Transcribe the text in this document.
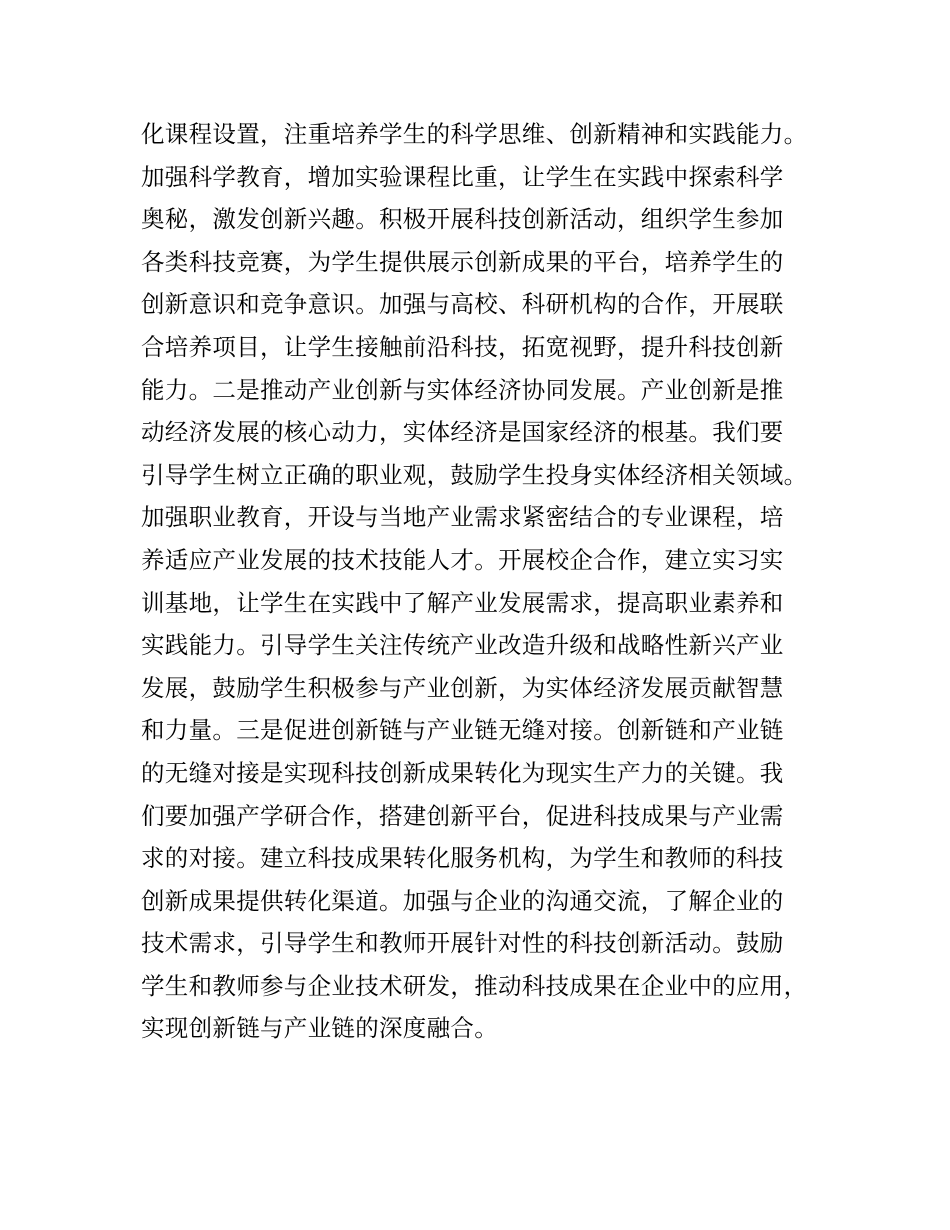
化课程设置，注重培养学生的科学思维、创新精神和实践能力。
加强科学教育，增加实验课程比重，让学生在实践中探索科学
奥秘，激发创新兴趣。积极开展科技创新活动，组织学生参加
各类科技竞赛，为学生提供展示创新成果的平台，培养学生的
创新意识和竞争意识。加强与高校、科研机构的合作，开展联
合培养项目，让学生接触前沿科技，拓宽视野，提升科技创新
能力。二是推动产业创新与实体经济协同发展。产业创新是推
动经济发展的核心动力，实体经济是国家经济的根基。我们要
引导学生树立正确的职业观，鼓励学生投身实体经济相关领域。
加强职业教育，开设与当地产业需求紧密结合的专业课程，培
养适应产业发展的技术技能人才。开展校企合作，建立实习实
训基地，让学生在实践中了解产业发展需求，提高职业素养和
实践能力。引导学生关注传统产业改造升级和战略性新兴产业
发展，鼓励学生积极参与产业创新，为实体经济发展贡献智慧
和力量。三是促进创新链与产业链无缝对接。创新链和产业链
的无缝对接是实现科技创新成果转化为现实生产力的关键。我
们要加强产学研合作，搭建创新平台，促进科技成果与产业需
求的对接。建立科技成果转化服务机构，为学生和教师的科技
创新成果提供转化渠道。加强与企业的沟通交流，了解企业的
技术需求，引导学生和教师开展针对性的科技创新活动。鼓励
学生和教师参与企业技术研发，推动科技成果在企业中的应用，
实现创新链与产业链的深度融合。
